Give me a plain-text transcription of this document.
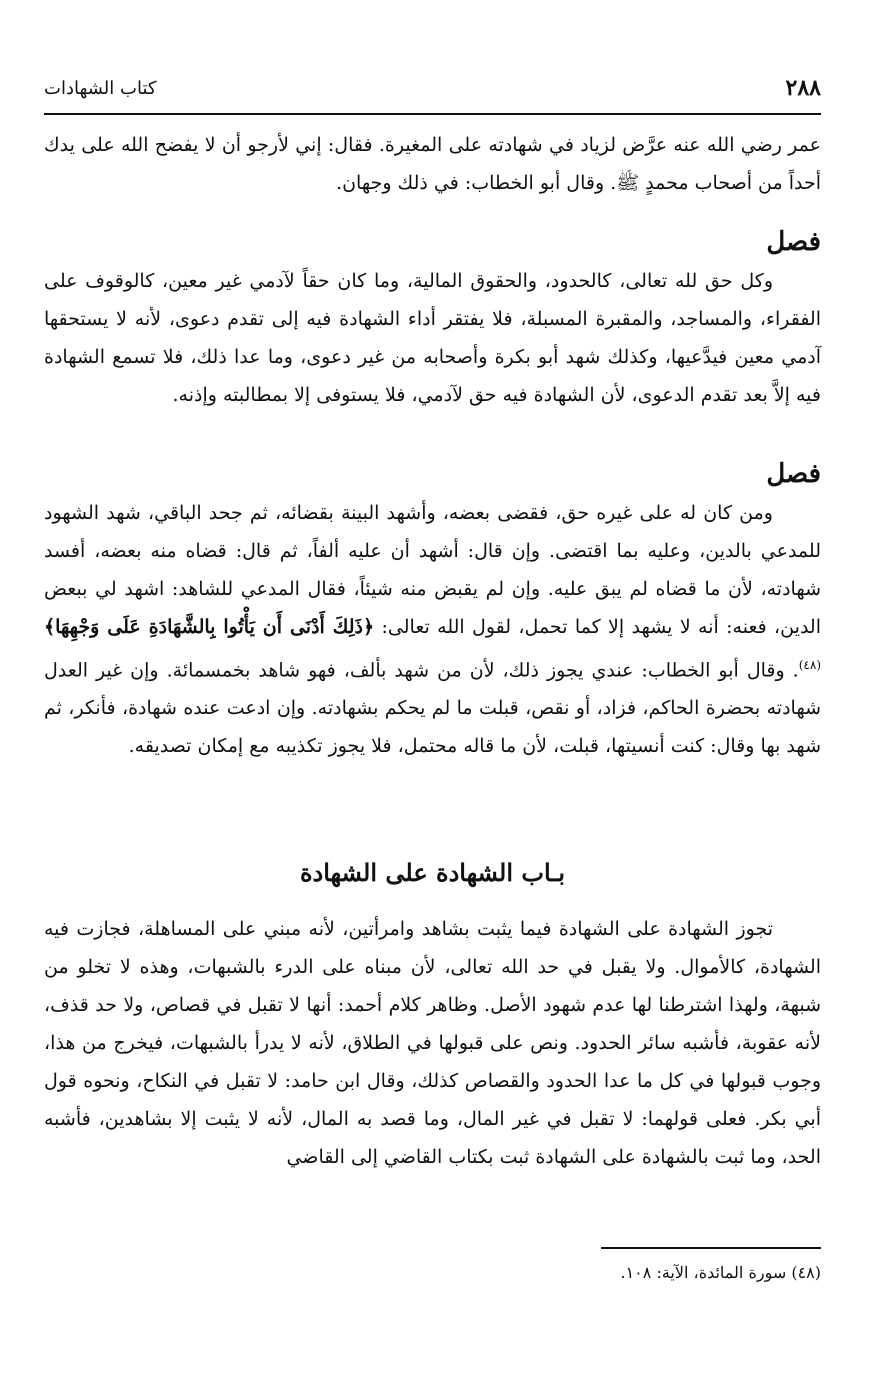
٢٨٨
كتاب الشهادات

عمر رضي الله عنه عرَّض لزياد في شهادته على المغيرة. فقال: إني لأرجو أن لا يفضح الله على يدك أحداً من أصحاب محمدٍ ﷺ. وقال أبو الخطاب: في ذلك وجهان.

فصل

وكل حق لله تعالى، كالحدود، والحقوق المالية، وما كان حقاً لآدمي غير معين، كالوقوف على الفقراء، والمساجد، والمقبرة المسبلة، فلا يفتقر أداء الشهادة فيه إلى تقدم دعوى، لأنه لا يستحقها آدمي معين فيدَّعيها، وكذلك شهد أبو بكرة وأصحابه من غير دعوى، وما عدا ذلك، فلا تسمع الشهادة فيه إلاَّ بعد تقدم الدعوى، لأن الشهادة فيه حق لآدمي، فلا يستوفى إلا بمطالبته وإذنه.

فصل

ومن كان له على غيره حق، فقضى بعضه، وأشهد البينة بقضائه، ثم جحد الباقي، شهد الشهود للمدعي بالدين، وعليه بما اقتضى. وإن قال: أشهد أن عليه ألفاً، ثم قال: قضاه منه بعضه، أفسد شهادته، لأن ما قضاه لم يبق عليه. وإن لم يقبض منه شيئاً، فقال المدعي للشاهد: اشهد لي ببعض الدين، فعنه: أنه لا يشهد إلا كما تحمل، لقول الله تعالى: ﴿ذَلِكَ أَدْنَى أَن يَأْتُوا بِالشَّهَادَةِ عَلَى وَجْهِهَا﴾$^{(٤٨)}$. وقال أبو الخطاب: عندي يجوز ذلك، لأن من شهد بألف، فهو شاهد بخمسمائة. وإن غير العدل شهادته بحضرة الحاكم، فزاد، أو نقص، قبلت ما لم يحكم بشهادته. وإن ادعت عنده شهادة، فأنكر، ثم شهد بها وقال: كنت أنسيتها، قبلت، لأن ما قاله محتمل، فلا يجوز تكذيبه مع إمكان تصديقه.

بـاب الشهادة على الشهادة

تجوز الشهادة على الشهادة فيما يثبت بشاهد وامرأتين، لأنه مبني على المساهلة، فجازت فيه الشهادة، كالأموال. ولا يقبل في حد الله تعالى، لأن مبناه على الدرء بالشبهات، وهذه لا تخلو من شبهة، ولهذا اشترطنا لها عدم شهود الأصل. وظاهر كلام أحمد: أنها لا تقبل في قصاص، ولا حد قذف، لأنه عقوبة، فأشبه سائر الحدود. ونص على قبولها في الطلاق، لأنه لا يدرأ بالشبهات، فيخرج من هذا، وجوب قبولها في كل ما عدا الحدود والقصاص كذلك، وقال ابن حامد: لا تقبل في النكاح، ونحوه قول أبي بكر. فعلى قولهما: لا تقبل في غير المال، وما قصد به المال، لأنه لا يثبت إلا بشاهدين، فأشبه الحد، وما ثبت بالشهادة على الشهادة ثبت بكتاب القاضي إلى القاضي

(٤٨) سورة المائدة، الآية: ١٠٨.
